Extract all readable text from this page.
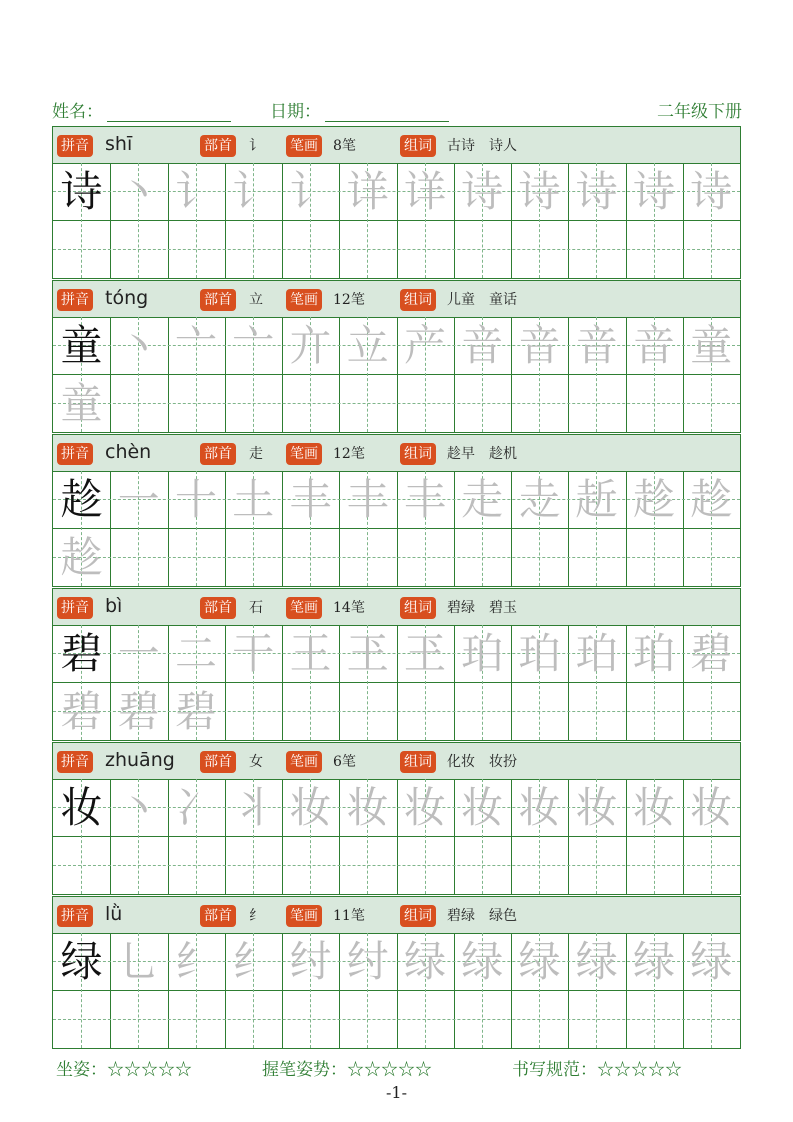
姓名：	日期：	二年级下册
拼音 shī	部首 讠 笔画 8笔	组词 古诗　诗人
诗 丶 讠 讠 讠 详 详 诗 诗 诗 诗 诗
拼音 tóng	部首 立 笔画 12笔	组词 儿童　童话
童 丶 亠 亠 亣 立 产 音 音 音 音 童
童
拼音 chèn	部首 走 笔画 12笔	组词 趁早　趁机
趁 一 十 土 丰 丰 丰 走 赱 赾 趁 趁
趁
拼音 bì	部首 石 笔画 14笔	组词 碧绿　碧玉
碧 一 二 干 王 玊 玊 珀 珀 珀 珀 碧
碧 碧 碧
拼音 zhuāng 部首 女 笔画 6笔	组词 化妆　妆扮
妆 丶 冫 丬 妆 妆 妆 妆 妆 妆 妆 妆
拼音 lǜ	部首 纟 笔画 11笔	组词 碧绿　绿色
绿 乚 纟 纟 纣 纣 绿 绿 绿 绿 绿 绿
坐姿：☆☆☆☆☆	握笔姿势：☆☆☆☆☆	书写规范：☆☆☆☆☆
-1-
